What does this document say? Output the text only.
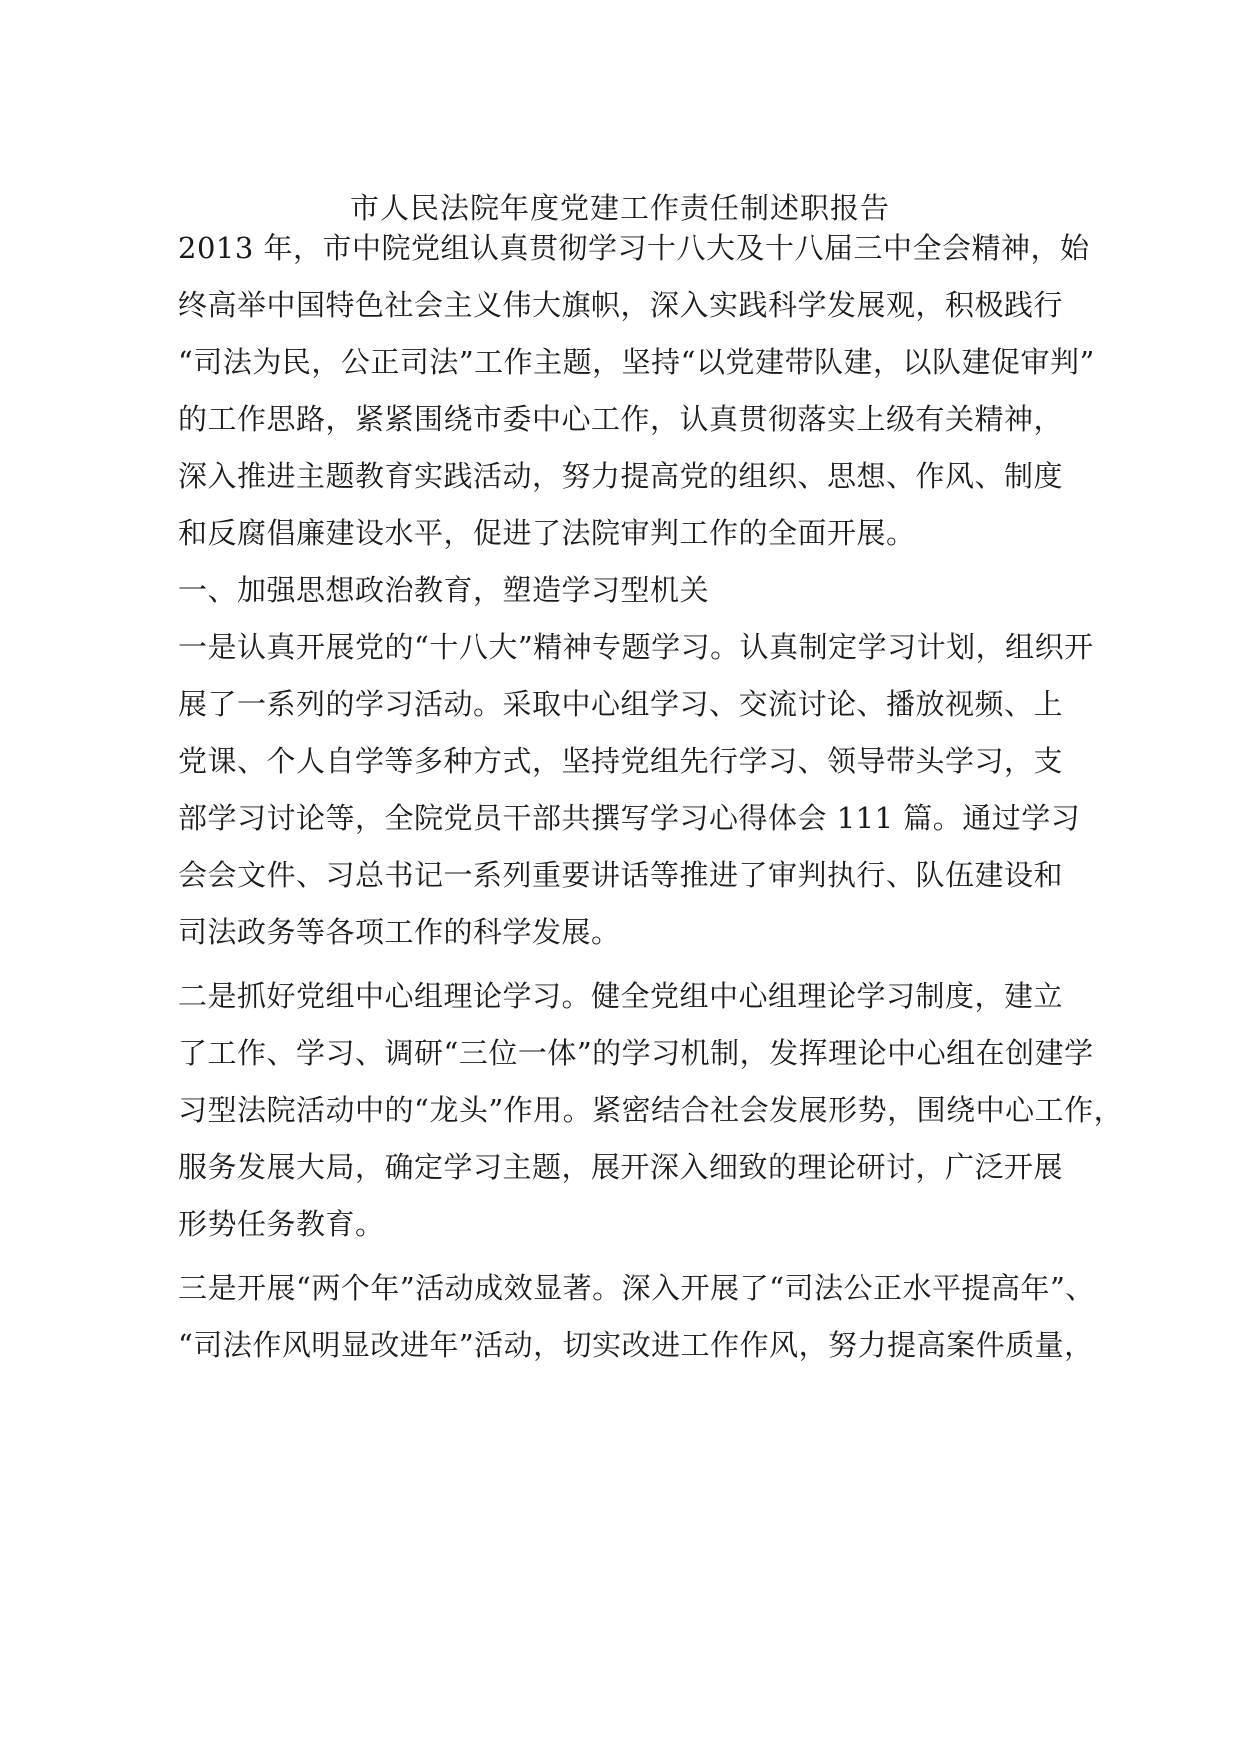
市人民法院年度党建工作责任制述职报告
2013 年，市中院党组认真贯彻学习十八大及十八届三中全会精神，始
终高举中国特色社会主义伟大旗帜，深入实践科学发展观，积极践行
“司法为民，公正司法”工作主题，坚持“以党建带队建，以队建促审判”
的工作思路，紧紧围绕市委中心工作，认真贯彻落实上级有关精神，
深入推进主题教育实践活动，努力提高党的组织、思想、作风、制度
和反腐倡廉建设水平，促进了法院审判工作的全面开展。
一、加强思想政治教育，塑造学习型机关
一是认真开展党的“十八大”精神专题学习。认真制定学习计划，组织开
展了一系列的学习活动。采取中心组学习、交流讨论、播放视频、上
党课、个人自学等多种方式，坚持党组先行学习、领导带头学习，支
部学习讨论等，全院党员干部共撰写学习心得体会 111 篇。通过学习
会会文件、习总书记一系列重要讲话等推进了审判执行、队伍建设和
司法政务等各项工作的科学发展。
二是抓好党组中心组理论学习。健全党组中心组理论学习制度，建立
了工作、学习、调研“三位一体”的学习机制，发挥理论中心组在创建学
习型法院活动中的“龙头”作用。紧密结合社会发展形势，围绕中心工作，
服务发展大局，确定学习主题，展开深入细致的理论研讨，广泛开展
形势任务教育。
三是开展“两个年”活动成效显著。深入开展了“司法公正水平提高年”、
“司法作风明显改进年”活动，切实改进工作作风，努力提高案件质量，
